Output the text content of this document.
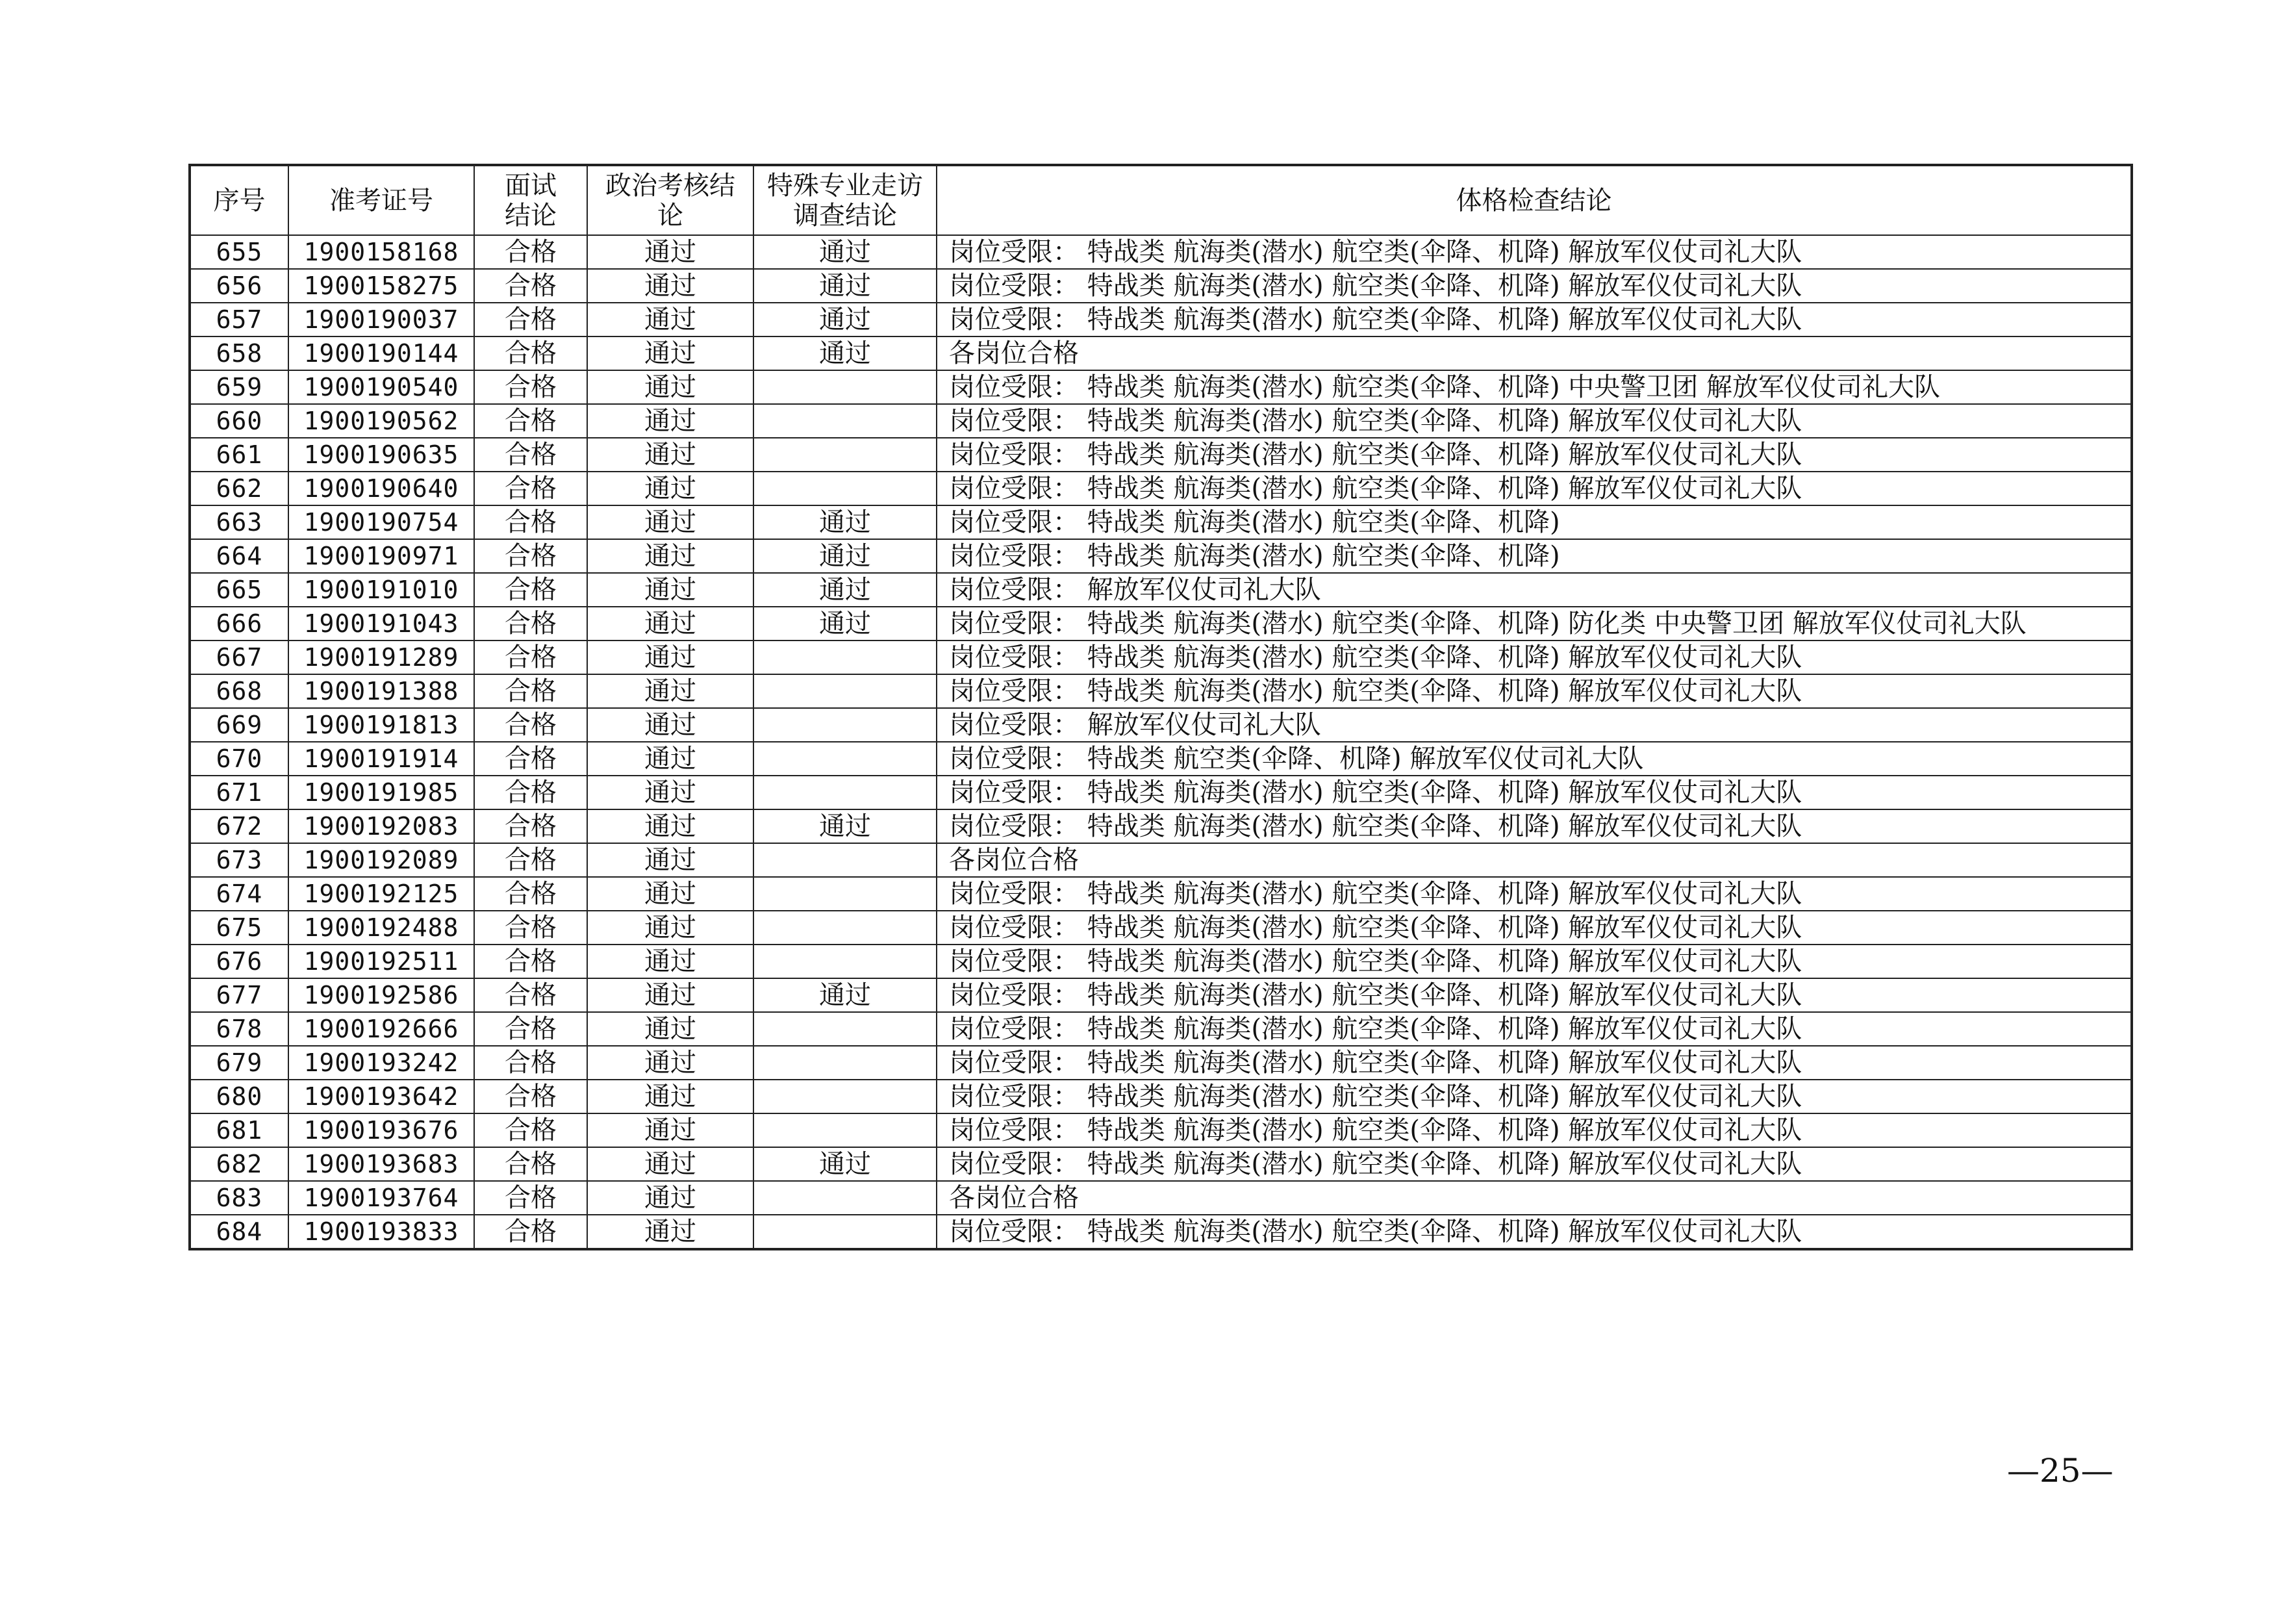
序号	准考证号	面试结论	政治考核结论	特殊专业走访调查结论	体格检查结论
655	1900158168	合格	通过	通过	岗位受限： 特战类 航海类(潜水) 航空类(伞降、机降) 解放军仪仗司礼大队
656	1900158275	合格	通过	通过	岗位受限： 特战类 航海类(潜水) 航空类(伞降、机降) 解放军仪仗司礼大队
657	1900190037	合格	通过	通过	岗位受限： 特战类 航海类(潜水) 航空类(伞降、机降) 解放军仪仗司礼大队
658	1900190144	合格	通过	通过	各岗位合格
659	1900190540	合格	通过		岗位受限： 特战类 航海类(潜水) 航空类(伞降、机降) 中央警卫团 解放军仪仗司礼大队
660	1900190562	合格	通过		岗位受限： 特战类 航海类(潜水) 航空类(伞降、机降) 解放军仪仗司礼大队
661	1900190635	合格	通过		岗位受限： 特战类 航海类(潜水) 航空类(伞降、机降) 解放军仪仗司礼大队
662	1900190640	合格	通过		岗位受限： 特战类 航海类(潜水) 航空类(伞降、机降) 解放军仪仗司礼大队
663	1900190754	合格	通过	通过	岗位受限： 特战类 航海类(潜水) 航空类(伞降、机降)
664	1900190971	合格	通过	通过	岗位受限： 特战类 航海类(潜水) 航空类(伞降、机降)
665	1900191010	合格	通过	通过	岗位受限： 解放军仪仗司礼大队
666	1900191043	合格	通过	通过	岗位受限： 特战类 航海类(潜水) 航空类(伞降、机降) 防化类 中央警卫团 解放军仪仗司礼大队
667	1900191289	合格	通过		岗位受限： 特战类 航海类(潜水) 航空类(伞降、机降) 解放军仪仗司礼大队
668	1900191388	合格	通过		岗位受限： 特战类 航海类(潜水) 航空类(伞降、机降) 解放军仪仗司礼大队
669	1900191813	合格	通过		岗位受限： 解放军仪仗司礼大队
670	1900191914	合格	通过		岗位受限： 特战类 航空类(伞降、机降) 解放军仪仗司礼大队
671	1900191985	合格	通过		岗位受限： 特战类 航海类(潜水) 航空类(伞降、机降) 解放军仪仗司礼大队
672	1900192083	合格	通过	通过	岗位受限： 特战类 航海类(潜水) 航空类(伞降、机降) 解放军仪仗司礼大队
673	1900192089	合格	通过		各岗位合格
674	1900192125	合格	通过		岗位受限： 特战类 航海类(潜水) 航空类(伞降、机降) 解放军仪仗司礼大队
675	1900192488	合格	通过		岗位受限： 特战类 航海类(潜水) 航空类(伞降、机降) 解放军仪仗司礼大队
676	1900192511	合格	通过		岗位受限： 特战类 航海类(潜水) 航空类(伞降、机降) 解放军仪仗司礼大队
677	1900192586	合格	通过	通过	岗位受限： 特战类 航海类(潜水) 航空类(伞降、机降) 解放军仪仗司礼大队
678	1900192666	合格	通过		岗位受限： 特战类 航海类(潜水) 航空类(伞降、机降) 解放军仪仗司礼大队
679	1900193242	合格	通过		岗位受限： 特战类 航海类(潜水) 航空类(伞降、机降) 解放军仪仗司礼大队
680	1900193642	合格	通过		岗位受限： 特战类 航海类(潜水) 航空类(伞降、机降) 解放军仪仗司礼大队
681	1900193676	合格	通过		岗位受限： 特战类 航海类(潜水) 航空类(伞降、机降) 解放军仪仗司礼大队
682	1900193683	合格	通过	通过	岗位受限： 特战类 航海类(潜水) 航空类(伞降、机降) 解放军仪仗司礼大队
683	1900193764	合格	通过		各岗位合格
684	1900193833	合格	通过		岗位受限： 特战类 航海类(潜水) 航空类(伞降、机降) 解放军仪仗司礼大队
—25—
